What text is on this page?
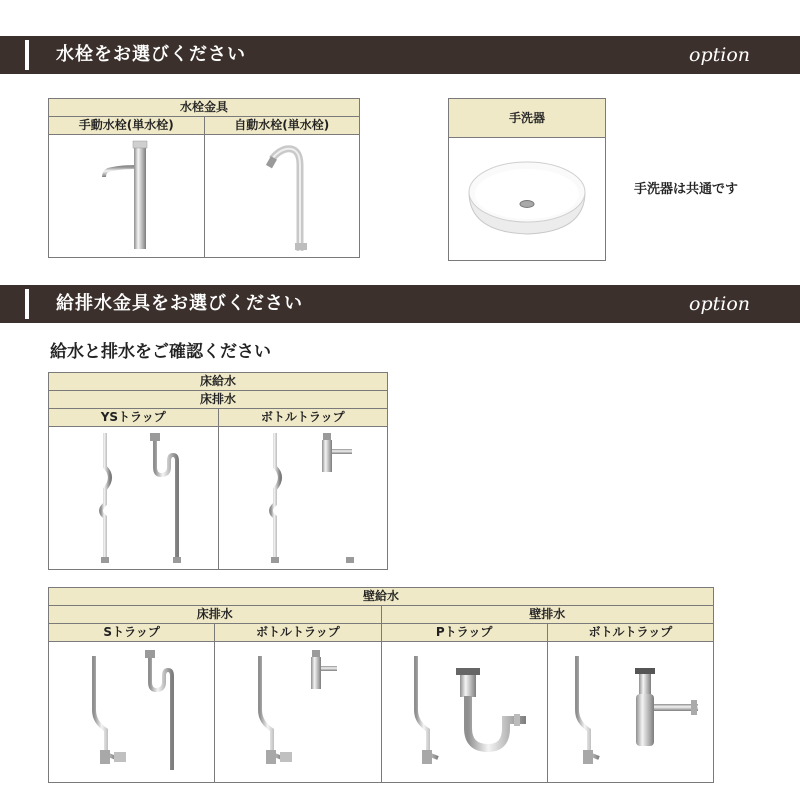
水栓をお選びください	option
水栓金具	
手動水栓(単水栓)	自動水栓(単水栓)

手洗器

手洗器は共通です
給排水金具をお選びください	option
給水と排水をご確認ください
床給水	
床排水	
YSトラップ	ボトルトラップ

壁給水			
床排水		壁排水	
Sトラップ	ボトルトラップ	Pトラップ	ボトルトラップ
